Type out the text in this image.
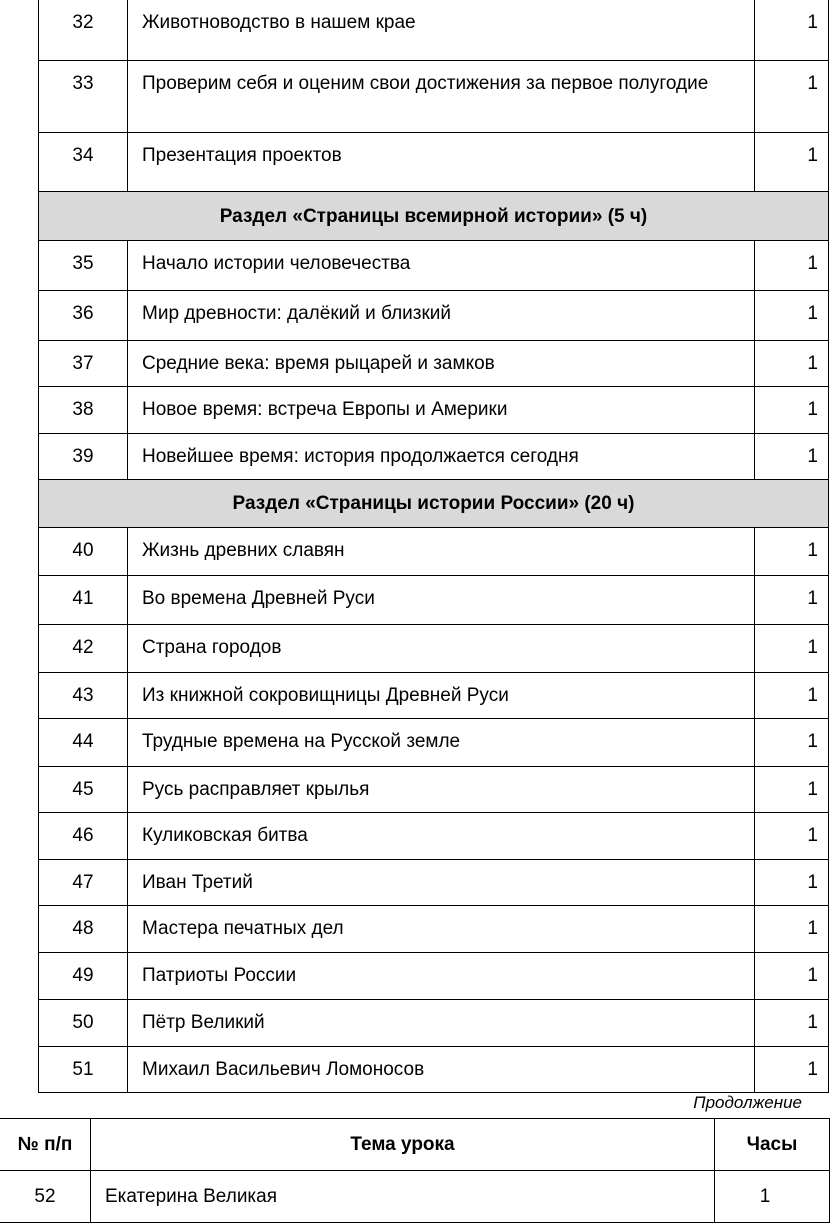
32	Животноводство в нашем крае	1
33	Проверим себя и оценим свои достижения за первое полугодие	1
34	Презентация проектов	1
Раздел «Страницы всемирной истории» (5 ч)		
35	Начало истории человечества	1
36	Мир древности: далёкий и близкий	1
37	Средние века: время рыцарей и замков	1
38	Новое время: встреча Европы и Америки	1
39	Новейшее время: история продолжается сегодня	1
Раздел «Страницы истории России» (20 ч)		
40	Жизнь древних славян	1
41	Во времена Древней Руси	1
42	Страна городов	1
43	Из книжной сокровищницы Древней Руси	1
44	Трудные времена на Русской земле	1
45	Русь расправляет крылья	1
46	Куликовская битва	1
47	Иван Третий	1
48	Мастера печатных дел	1
49	Патриоты России	1
50	Пётр Великий	1
51	Михаил Васильевич Ломоносов	1
Продолжение
№ п/п	Тема урока	Часы
52	Екатерина Великая	1
